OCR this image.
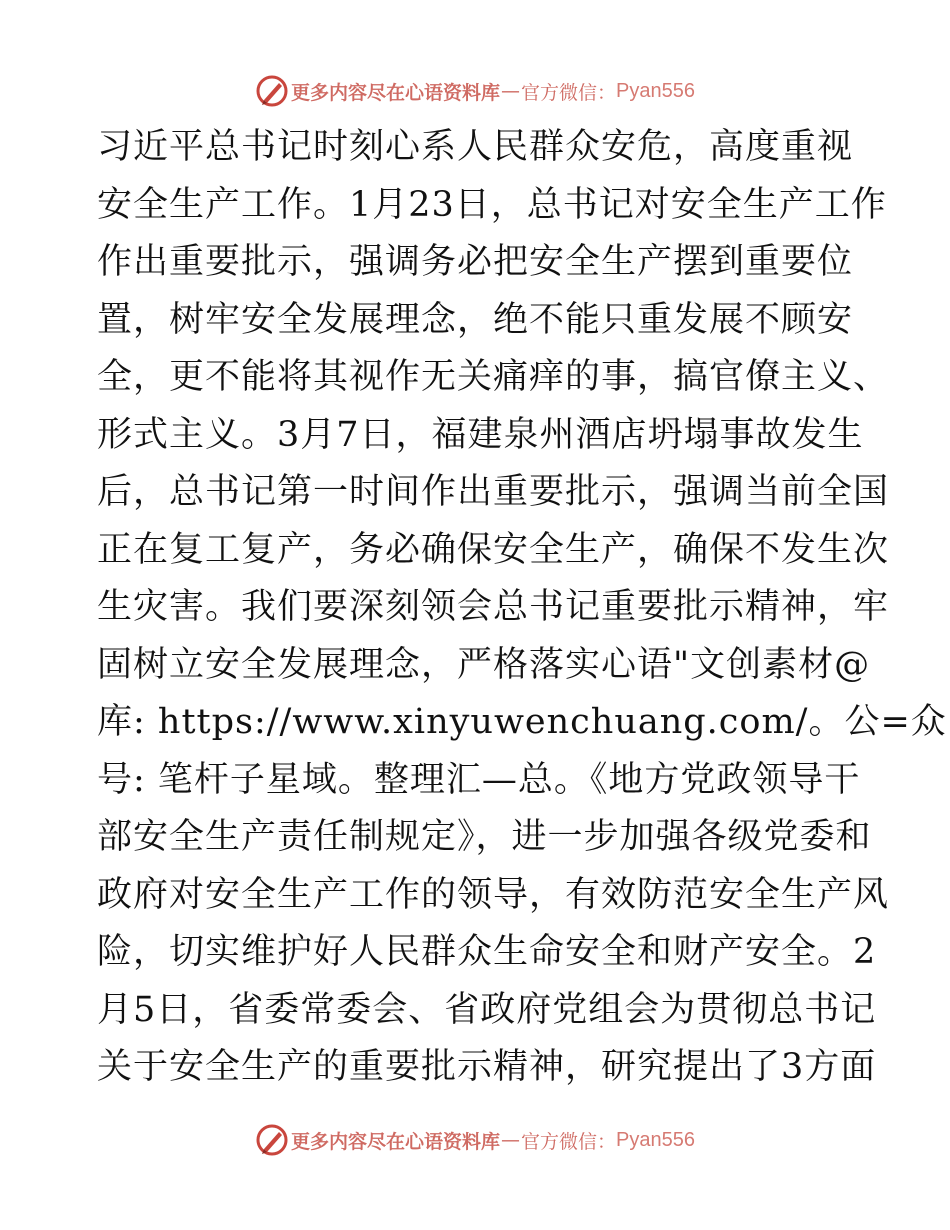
更多内容尽在心语资料库 — 官方微信： Pyan556
习近平总书记时刻心系人民群众安危，高度重视
安全生产工作。1月23日，总书记对安全生产工作
作出重要批示，强调务必把安全生产摆到重要位
置，树牢安全发展理念，绝不能只重发展不顾安
全，更不能将其视作无关痛痒的事，搞官僚主义、
形式主义。3月7日，福建泉州酒店坍塌事故发生
后，总书记第一时间作出重要批示，强调当前全国
正在复工复产，务必确保安全生产，确保不发生次
生灾害。我们要深刻领会总书记重要批示精神，牢
固树立安全发展理念，严格落实心语"文创素材@
库: https://www.xinyuwenchuang.com/。公=众
号: 笔杆子星域。整理汇—总。《地方党政领导干
部安全生产责任制规定》，进一步加强各级党委和
政府对安全生产工作的领导，有效防范安全生产风
险，切实维护好人民群众生命安全和财产安全。2
月5日，省委常委会、省政府党组会为贯彻总书记
关于安全生产的重要批示精神，研究提出了3方面
更多内容尽在心语资料库 — 官方微信： Pyan556
